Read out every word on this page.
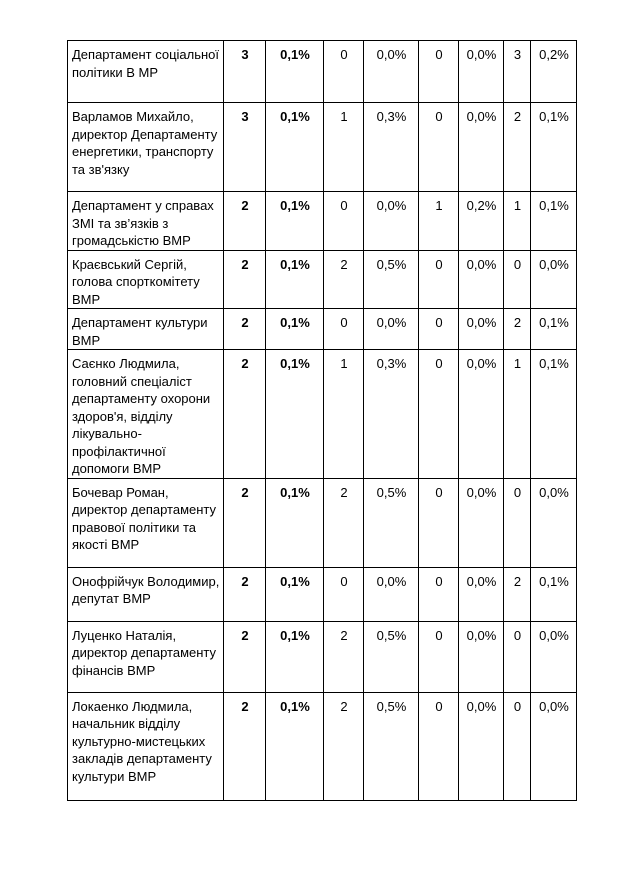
Департамент соціальної політики В МР	3	0,1%	0	0,0%	0	0,0%	3	0,2%
Варламов Михайло, директор Департаменту енергетики, транспорту та зв'язку	3	0,1%	1	0,3%	0	0,0%	2	0,1%
Департамент у справах ЗМІ та зв’язків з громадськістю ВМР	2	0,1%	0	0,0%	1	0,2%	1	0,1%
Краєвський Сергій, голова спорткомітету ВМР	2	0,1%	2	0,5%	0	0,0%	0	0,0%
Департамент культури ВМР	2	0,1%	0	0,0%	0	0,0%	2	0,1%
Саєнко Людмила, головний спеціаліст департаменту охорони здоров'я, відділу лікувально-профілактичної допомоги ВМР	2	0,1%	1	0,3%	0	0,0%	1	0,1%
Бочевар Роман, директор департаменту правової політики та якості ВМР	2	0,1%	2	0,5%	0	0,0%	0	0,0%
Онофрійчук Володимир, депутат ВМР	2	0,1%	0	0,0%	0	0,0%	2	0,1%
Луценко Наталія, директор департаменту фінансів ВМР	2	0,1%	2	0,5%	0	0,0%	0	0,0%
Локаенко Людмила, начальник відділу культурно-мистецьких закладів департаменту культури ВМР	2	0,1%	2	0,5%	0	0,0%	0	0,0%
